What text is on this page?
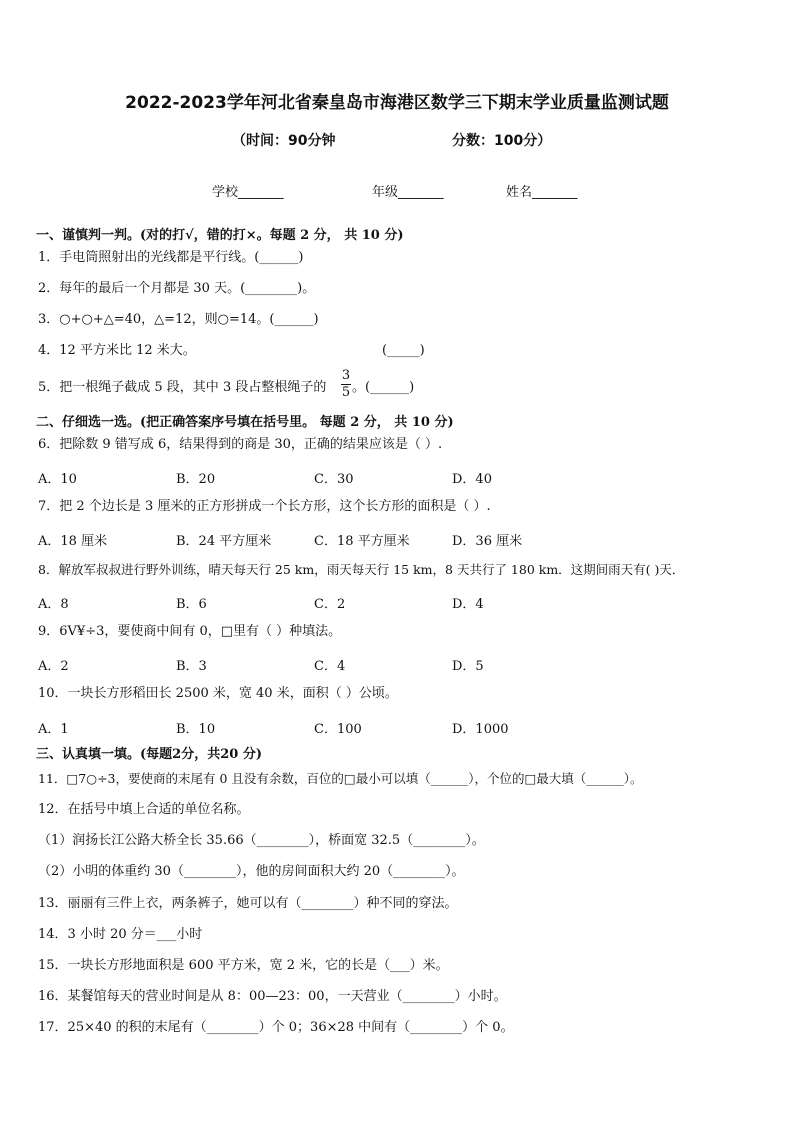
2022-2023学年河北省秦皇岛市海港区数学三下期末学业质量监测试题
（时间：90分钟	分数：100分）
学校_______	年级_______	姓名_______
一、谨慎判一判。(对的打√，错的打×。每题 2 分， 共 10 分)
1．手电筒照射出的光线都是平行线。(______)
2．每年的最后一个月都是 30 天。(________)。
3．○+○+△=40，△=12，则○=14。(______)
4．12 平方米比 12 米大。	(_____)
5．把一根绳子截成 5 段，其中 3 段占整根绳子的
3
5 。(______)
二、仔细选一选。(把正确答案序号填在括号里。 每题 2 分， 共 10 分)
6．把除数 9 错写成 6，结果得到的商是 30，正确的结果应该是（ ）.
A．10	B．20	C．30	D．40
7．把 2 个边长是 3 厘米的正方形拼成一个长方形，这个长方形的面积是（ ）.
A．18 厘米	B．24 平方厘米	C．18 平方厘米	D．36 厘米
8．解放军叔叔进行野外训练，晴天每天行 25 km，雨天每天行 15 km，8 天共行了 180 km．这期间雨天有( )天．
A．8	B．6	C．2	D．4
9．6V¥÷3，要使商中间有 0，□里有（ ）种填法。
A．2	B．3	C．4	D．5
10．一块长方形稻田长 2500 米，宽 40 米，面积（ ）公顷。
A．1	B．10	C．100	D．1000
三、认真填一填。(每题2分，共20 分)
11．□7○÷3，要使商的末尾有 0 且没有余数，百位的□最小可以填（______），个位的□最大填（______）。
12．在括号中填上合适的单位名称。
（1）润扬长江公路大桥全长 35.66（________），桥面宽 32.5（________）。
（2）小明的体重约 30（________），他的房间面积大约 20（________）。
13．丽丽有三件上衣，两条裤子，她可以有（________）种不同的穿法。
14．3 小时 20 分＝___小时
15．一块长方形地面积是 600 平方米，宽 2 米，它的长是（___）米。
16．某餐馆每天的营业时间是从 8：00—23：00，一天营业（________）小时。
17．25×40 的积的末尾有（________）个 0；36×28 中间有（________）个 0。
